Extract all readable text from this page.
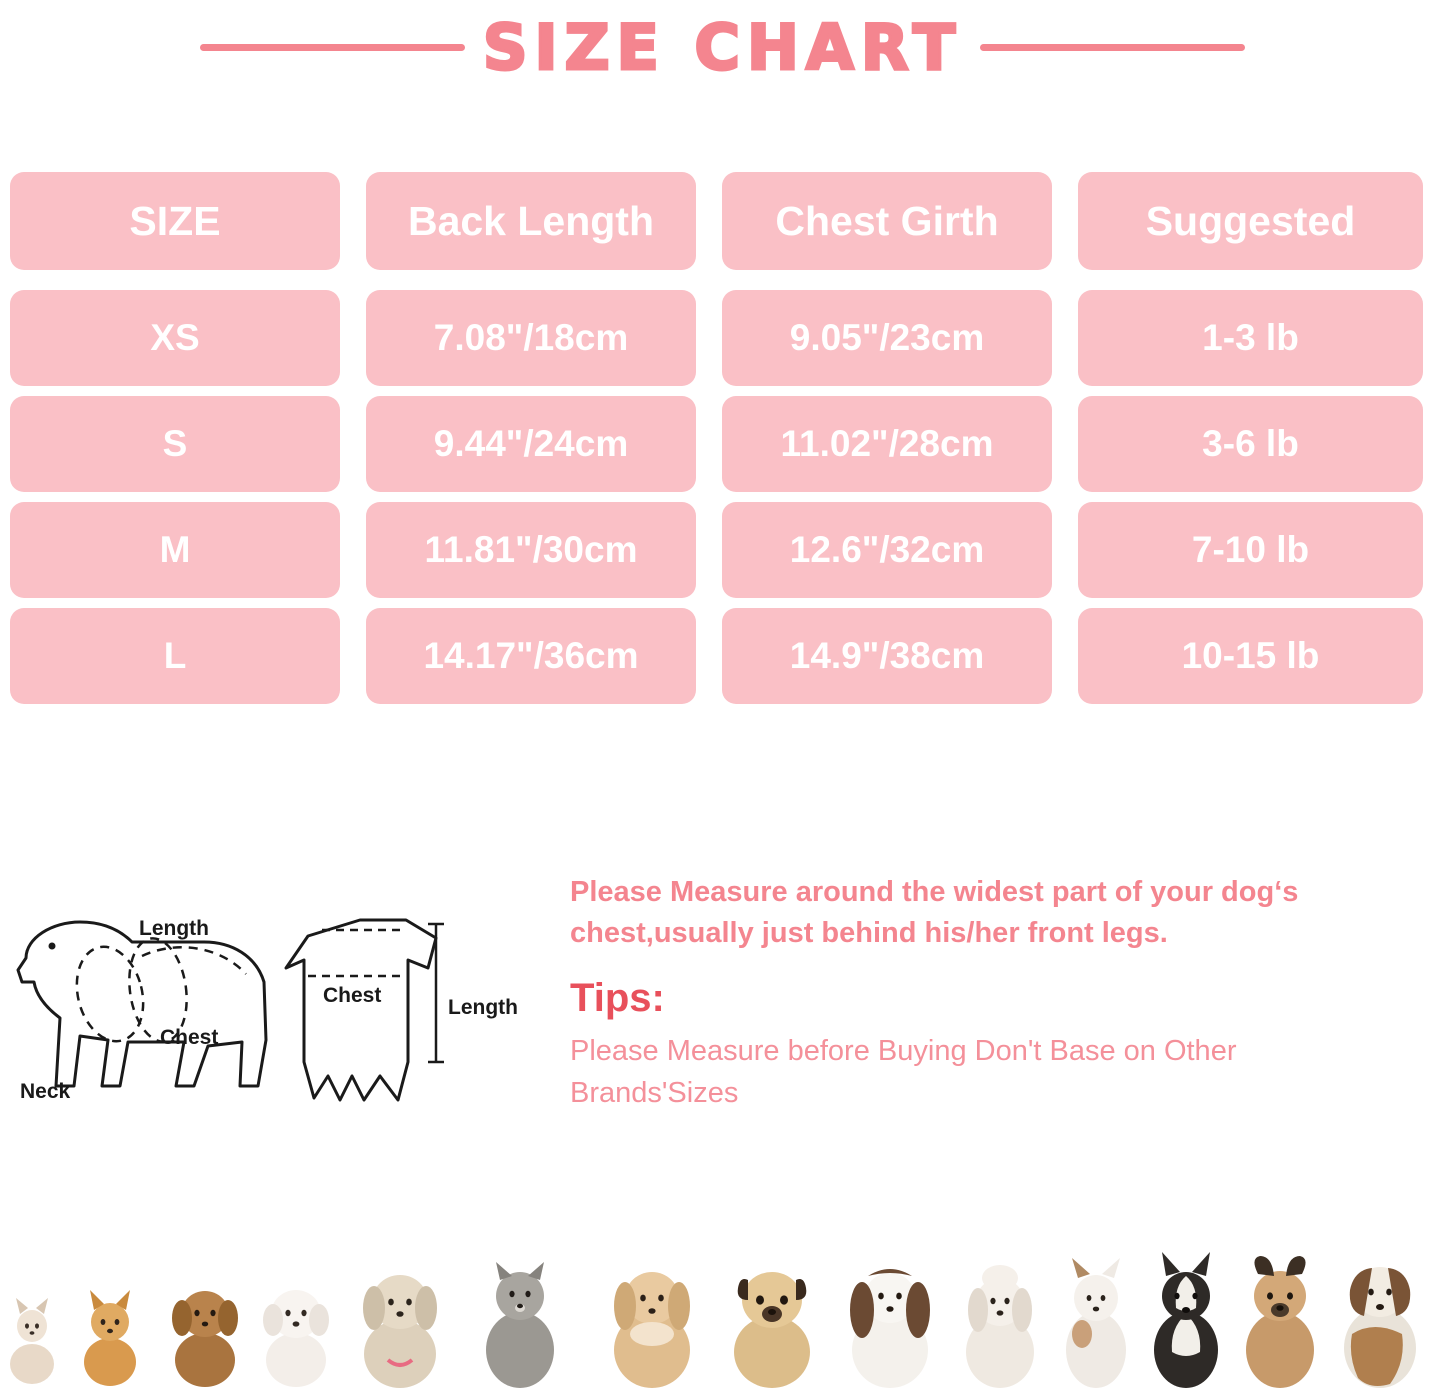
SIZE CHART
SIZE	Back Length	Chest Girth	Suggested
XS	7.08"/18cm	9.05"/23cm	1-3 lb
S	9.44"/24cm	11.02"/28cm	3-6 lb
M	11.81"/30cm	12.6"/32cm	7-10 lb
L	14.17"/36cm	14.9"/38cm	10-15 lb
Length
Chest
Neck
Chest
Length

Please Measure around the widest part of your dog‘s chest,usually just behind his/her front legs.

Tips:

Please Measure before Buying Don't Base on Other Brands'Sizes
